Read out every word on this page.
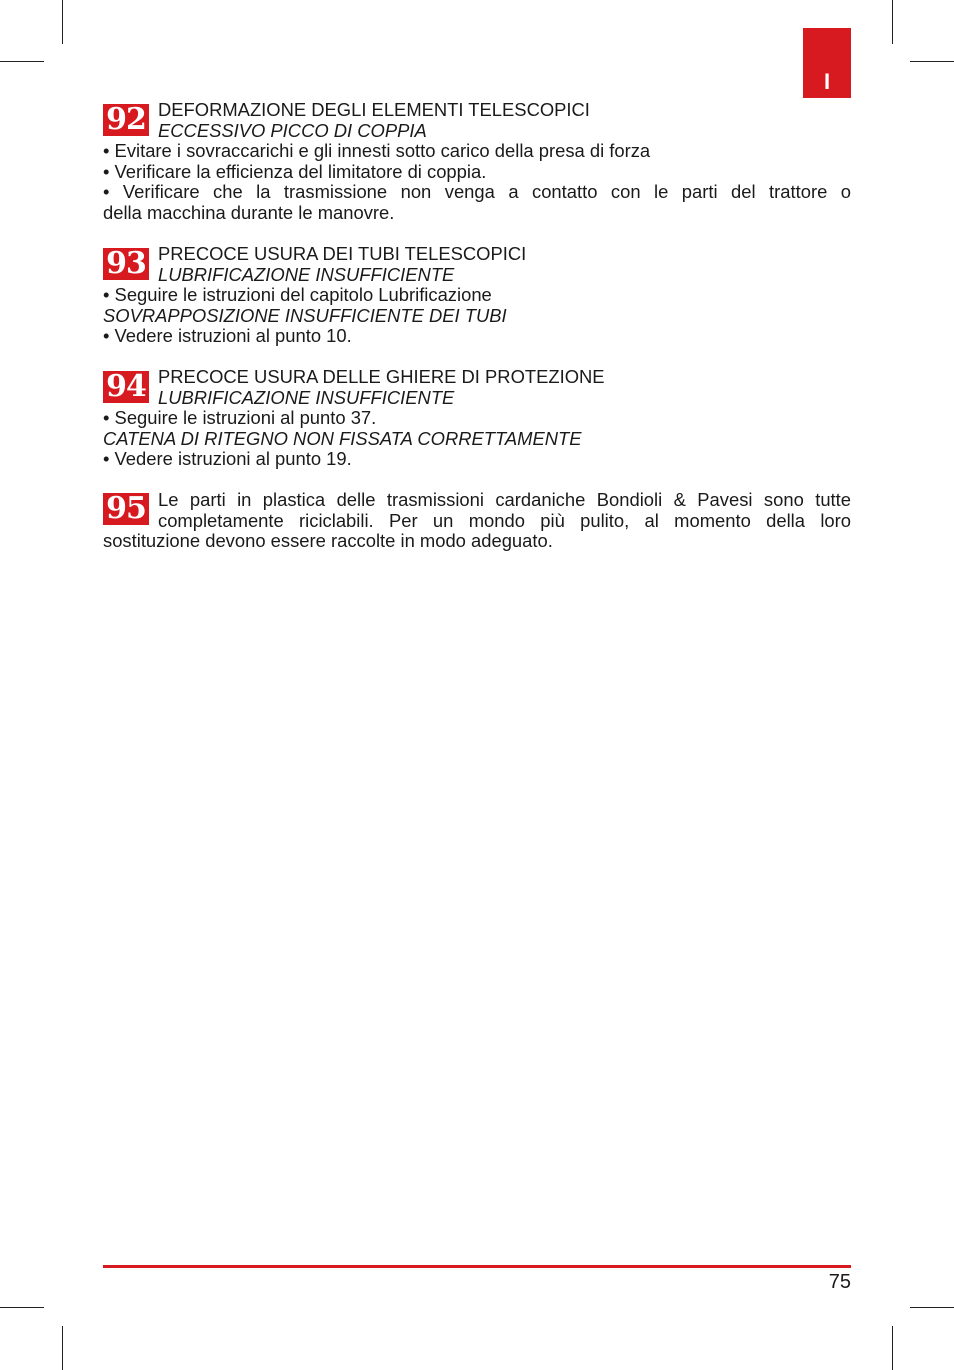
I
92 DEFORMAZIONE DEGLI ELEMENTI TELESCOPICI
ECCESSIVO PICCO DI COPPIA
• Evitare i sovraccarichi e gli innesti sotto carico della presa di forza
• Verificare la efficienza del limitatore di coppia.
• Verificare che la trasmissione non venga a contatto con le parti del trattore o
della macchina durante le manovre.
93 PRECOCE USURA DEI TUBI TELESCOPICI
LUBRIFICAZIONE INSUFFICIENTE
• Seguire le istruzioni del capitolo Lubrificazione
SOVRAPPOSIZIONE INSUFFICIENTE DEI TUBI
• Vedere istruzioni al punto 10.
94 PRECOCE USURA DELLE GHIERE DI PROTEZIONE
LUBRIFICAZIONE INSUFFICIENTE
• Seguire le istruzioni al punto 37.
CATENA DI RITEGNO NON FISSATA CORRETTAMENTE
• Vedere istruzioni al punto 19.
95 Le parti in plastica delle trasmissioni cardaniche Bondioli & Pavesi sono tutte
completamente riciclabili. Per un mondo più pulito, al momento della loro
sostituzione devono essere raccolte in modo adeguato.
75
